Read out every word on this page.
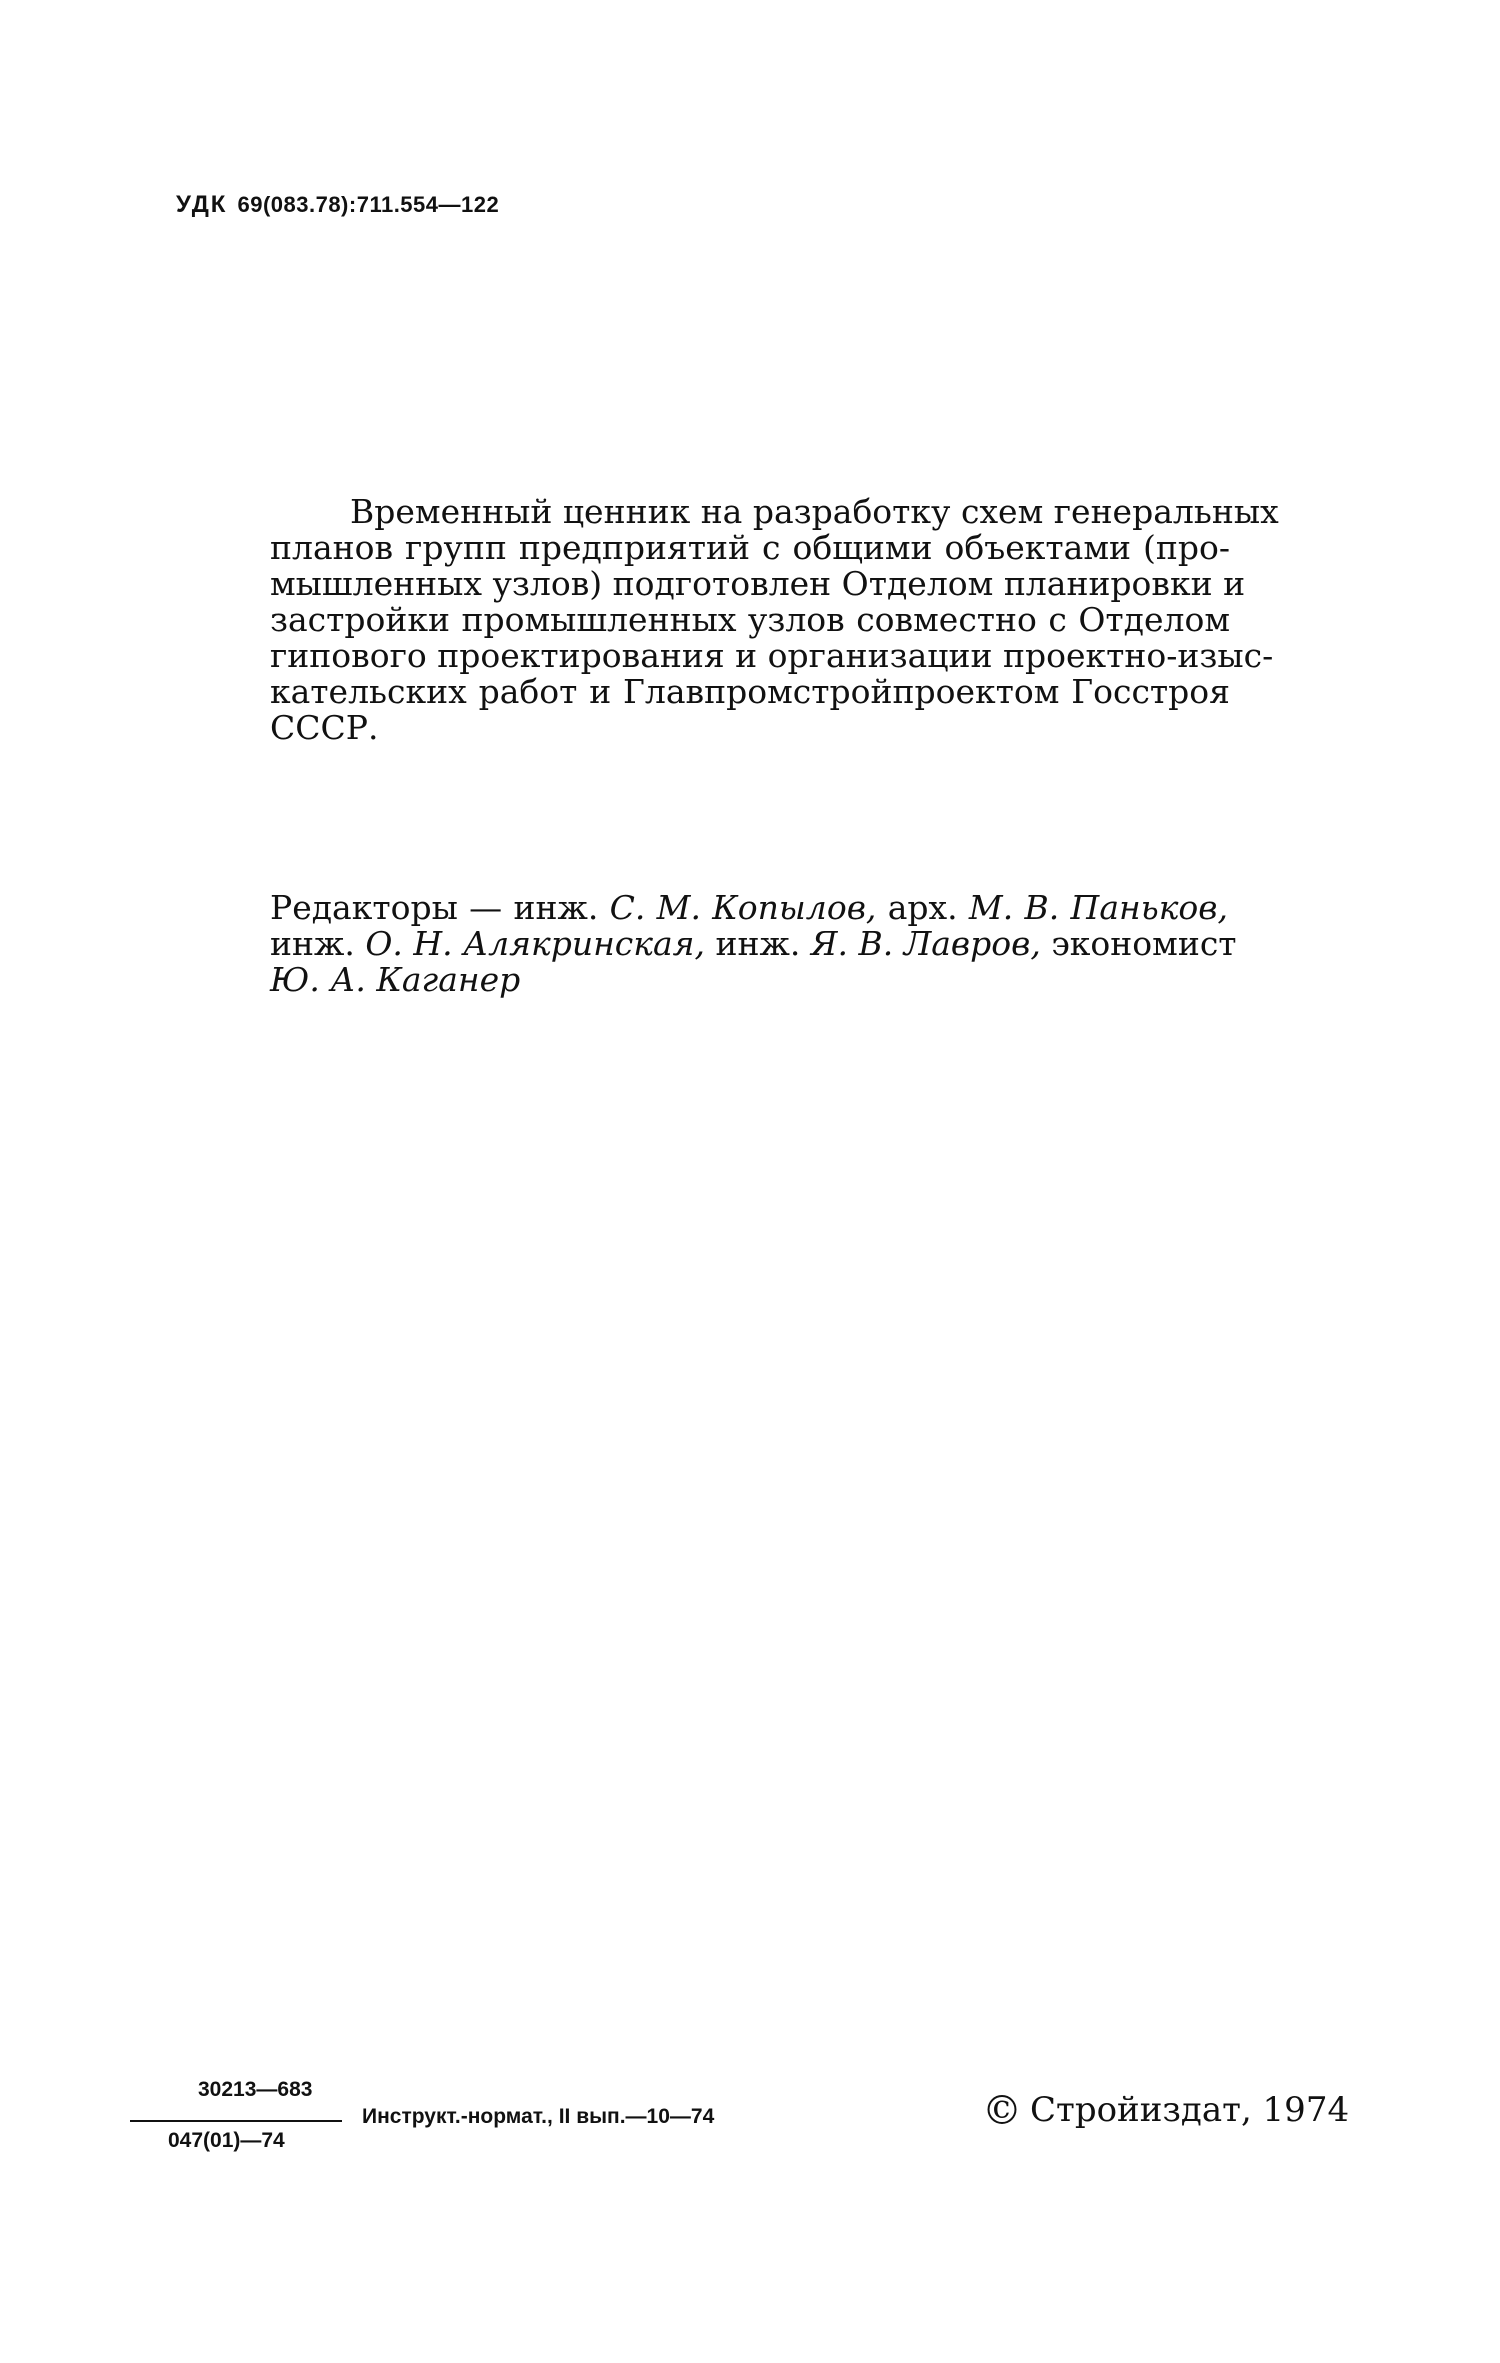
УДК 69(083.78):711.554—122
Временный ценник на разработку схем генеральных
планов групп предприятий с общими объектами (про-
мышленных узлов) подготовлен Отделом планировки и
застройки промышленных узлов совместно с Отделом
гипового проектирования и организации проектно-изыс-
кательских работ и Главпромстройпроектом Госстроя
СССР.
Редакторы — инж. С. М. Копылов, арх. М. В. Паньков,
инж. О. Н. Алякринская, инж. Я. В. Лавров, экономист
Ю. А. Каганер
30213—683
047(01)—74
Инструкт.-нормат., II вып.—10—74	© Стройиздат, 1974
